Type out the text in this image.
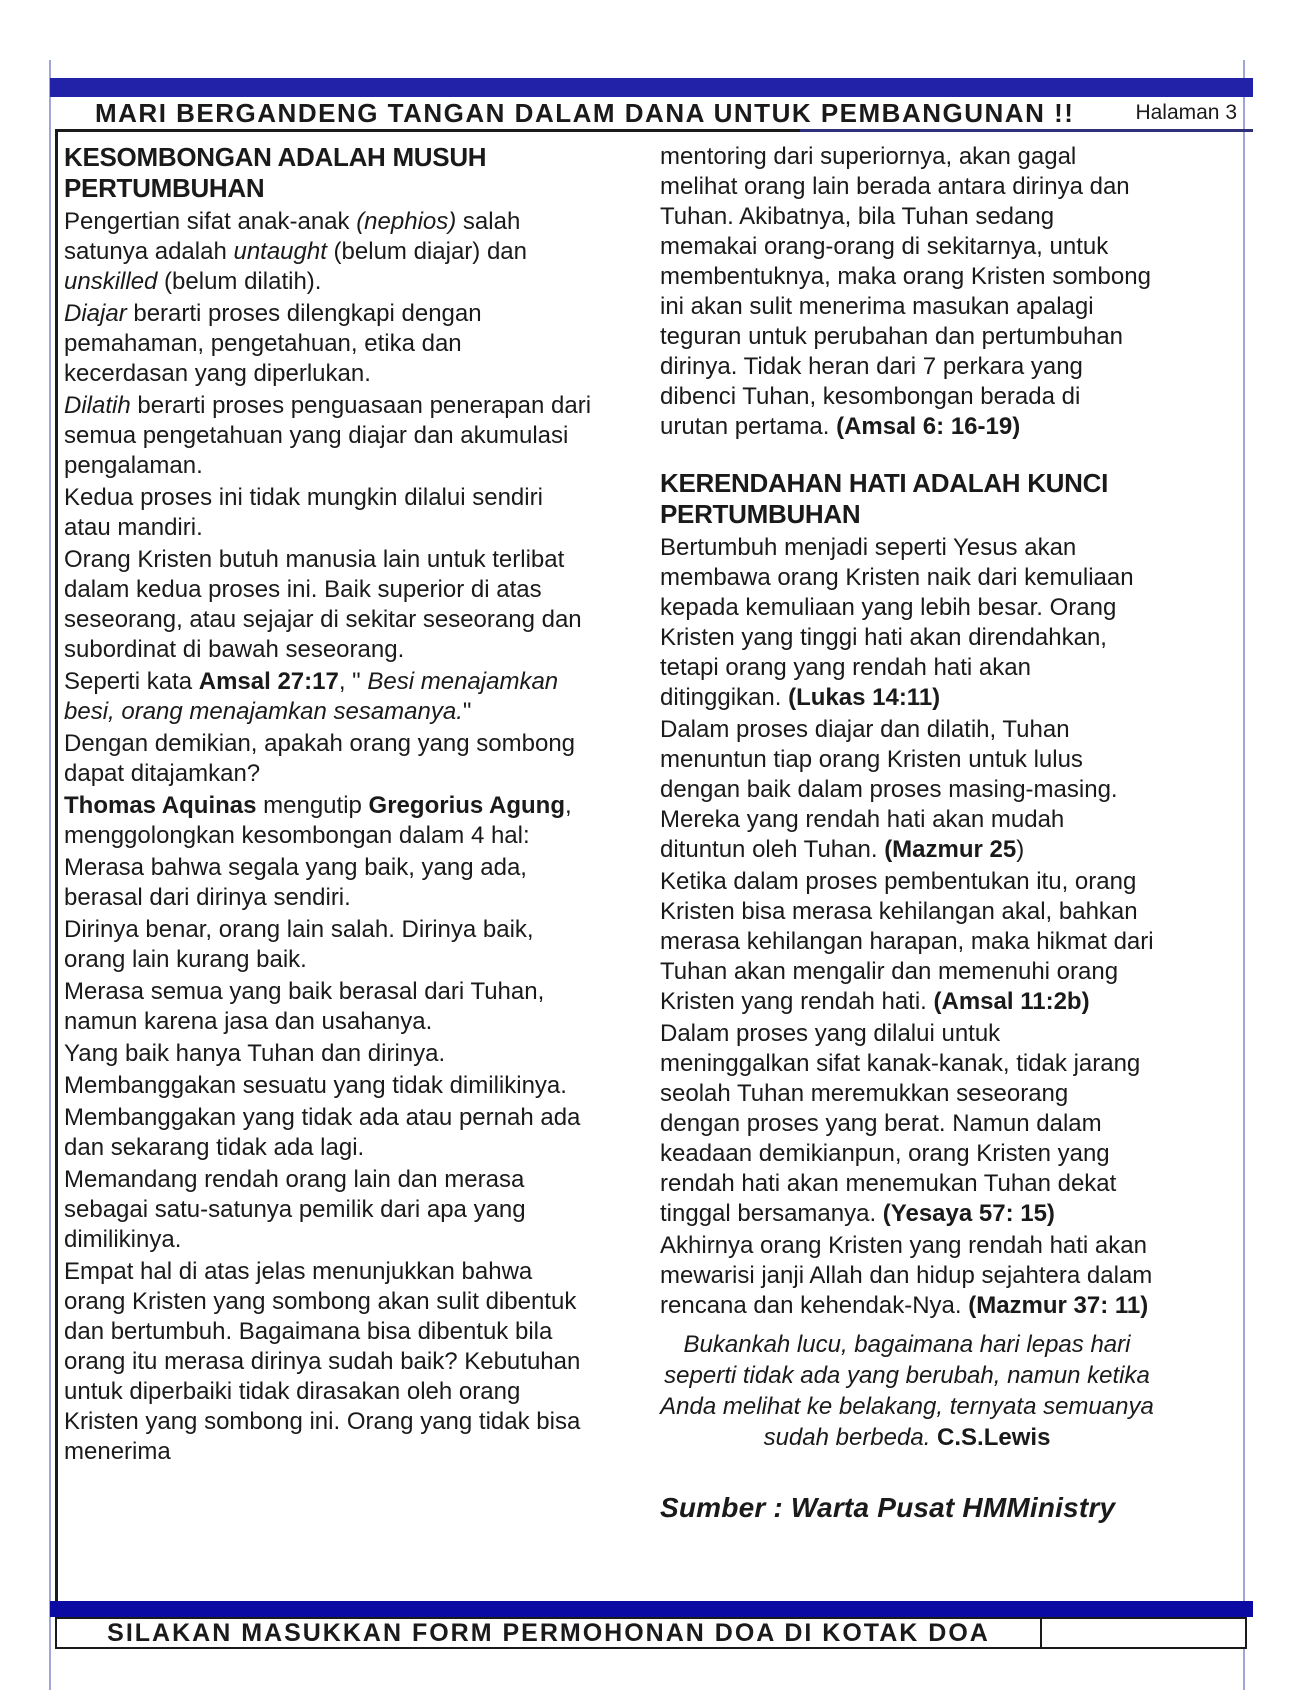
MARI BERGANDENG TANGAN DALAM DANA UNTUK PEMBANGUNAN !!	Halaman 3
KESOMBONGAN ADALAH MUSUH PERTUMBUHAN

Pengertian sifat anak-anak (nephios) salah satunya adalah untaught (belum diajar) dan unskilled (belum dilatih).

Diajar berarti proses dilengkapi dengan pemahaman, pengetahuan, etika dan kecerdasan yang diperlukan.

Dilatih berarti proses penguasaan penerapan dari semua pengetahuan yang diajar dan akumulasi pengalaman.

Kedua proses ini tidak mungkin dilalui sendiri atau mandiri.

Orang Kristen butuh manusia lain untuk terlibat dalam kedua proses ini. Baik superior di atas seseorang, atau sejajar di sekitar seseorang dan subordinat di bawah seseorang.

Seperti kata Amsal 27:17, " Besi menajamkan besi, orang menajamkan sesamanya."

Dengan demikian, apakah orang yang sombong dapat ditajamkan?

Thomas Aquinas mengutip Gregorius Agung, menggolongkan kesombongan dalam 4 hal:

Merasa bahwa segala yang baik, yang ada, berasal dari dirinya sendiri.

Dirinya benar, orang lain salah. Dirinya baik, orang lain kurang baik.

Merasa semua yang baik berasal dari Tuhan, namun karena jasa dan usahanya.

Yang baik hanya Tuhan dan dirinya.

Membanggakan sesuatu yang tidak dimilikinya.

Membanggakan yang tidak ada atau pernah ada dan sekarang tidak ada lagi.

Memandang rendah orang lain dan merasa sebagai satu-satunya pemilik dari apa yang dimilikinya.

Empat hal di atas jelas menunjukkan bahwa orang Kristen yang sombong akan sulit dibentuk dan bertumbuh. Bagaimana bisa dibentuk bila orang itu merasa dirinya sudah baik? Kebutuhan untuk diperbaiki tidak dirasakan oleh orang Kristen yang sombong ini. Orang yang tidak bisa menerima

mentoring dari superiornya, akan gagal melihat orang lain berada antara dirinya dan Tuhan. Akibatnya, bila Tuhan sedang memakai orang-orang di sekitarnya, untuk membentuknya, maka orang Kristen sombong ini akan sulit menerima masukan apalagi teguran untuk perubahan dan pertumbuhan dirinya. Tidak heran dari 7 perkara yang dibenci Tuhan, kesombongan berada di urutan pertama. (Amsal 6: 16-19)

KERENDAHAN HATI ADALAH KUNCI PERTUMBUHAN

Bertumbuh menjadi seperti Yesus akan membawa orang Kristen naik dari kemuliaan kepada kemuliaan yang lebih besar. Orang Kristen yang tinggi hati akan direndahkan, tetapi orang yang rendah hati akan ditinggikan. (Lukas 14:11)

Dalam proses diajar dan dilatih, Tuhan menuntun tiap orang Kristen untuk lulus dengan baik dalam proses masing-masing. Mereka yang rendah hati akan mudah dituntun oleh Tuhan. (Mazmur 25)

Ketika dalam proses pembentukan itu, orang Kristen bisa merasa kehilangan akal, bahkan merasa kehilangan harapan, maka hikmat dari Tuhan akan mengalir dan memenuhi orang Kristen yang rendah hati. (Amsal 11:2b)

Dalam proses yang dilalui untuk meninggalkan sifat kanak-kanak, tidak jarang seolah Tuhan meremukkan seseorang dengan proses yang berat. Namun dalam keadaan demikianpun, orang Kristen yang rendah hati akan menemukan Tuhan dekat tinggal bersamanya. (Yesaya 57: 15)

Akhirnya orang Kristen yang rendah hati akan mewarisi janji Allah dan hidup sejahtera dalam rencana dan kehendak-Nya. (Mazmur 37: 11)

Bukankah lucu, bagaimana hari lepas hari seperti tidak ada yang berubah, namun ketika Anda melihat ke belakang, ternyata semuanya sudah berbeda. C.S.Lewis
Sumber : Warta Pusat HMMinistry
SILAKAN MASUKKAN FORM PERMOHONAN DOA DI KOTAK DOA
